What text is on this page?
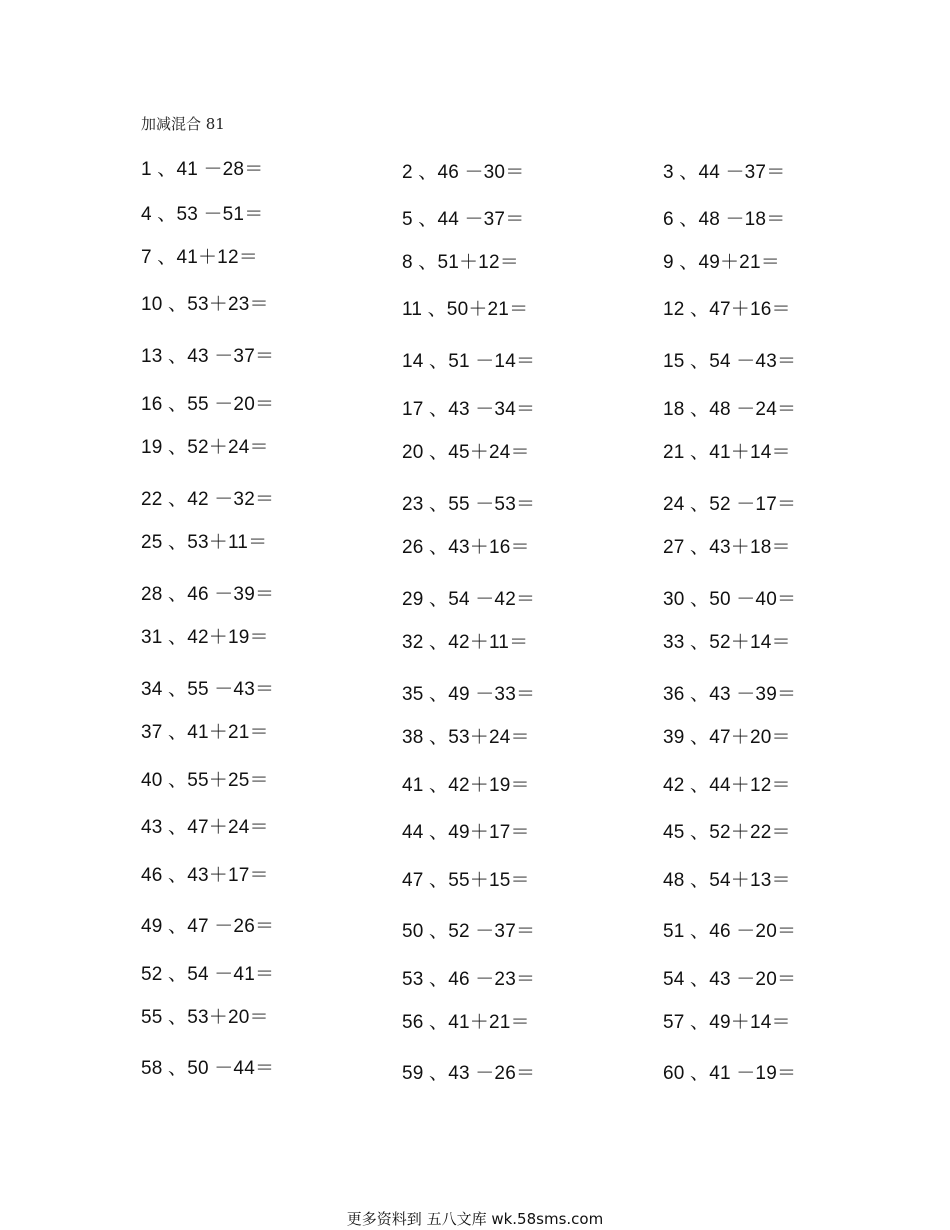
加减混合 81
1 、41 －28＝	2 、46 －30＝	3 、44 －37＝
4 、53 －51＝	5 、44 －37＝	6 、48 －18＝
7 、41＋12＝	8 、51＋12＝	9 、49＋21＝
10 、53＋23＝	11 、50＋21＝	12 、47＋16＝
13 、43 －37＝	14 、51 －14＝	15 、54 －43＝
16 、55 －20＝	17 、43 －34＝	18 、48 －24＝
19 、52＋24＝	20 、45＋24＝	21 、41＋14＝
22 、42 －32＝	23 、55 －53＝	24 、52 －17＝
25 、53＋11＝	26 、43＋16＝	27 、43＋18＝
28 、46 －39＝	29 、54 －42＝	30 、50 －40＝
31 、42＋19＝	32 、42＋11＝	33 、52＋14＝
34 、55 －43＝	35 、49 －33＝	36 、43 －39＝
37 、41＋21＝	38 、53＋24＝	39 、47＋20＝
40 、55＋25＝	41 、42＋19＝	42 、44＋12＝
43 、47＋24＝	44 、49＋17＝	45 、52＋22＝
46 、43＋17＝	47 、55＋15＝	48 、54＋13＝
49 、47 －26＝	50 、52 －37＝	51 、46 －20＝
52 、54 －41＝	53 、46 －23＝	54 、43 －20＝
55 、53＋20＝	56 、41＋21＝	57 、49＋14＝
58 、50 －44＝	59 、43 －26＝	60 、41 －19＝
更多资料到 五八文库 wk.58sms.com
